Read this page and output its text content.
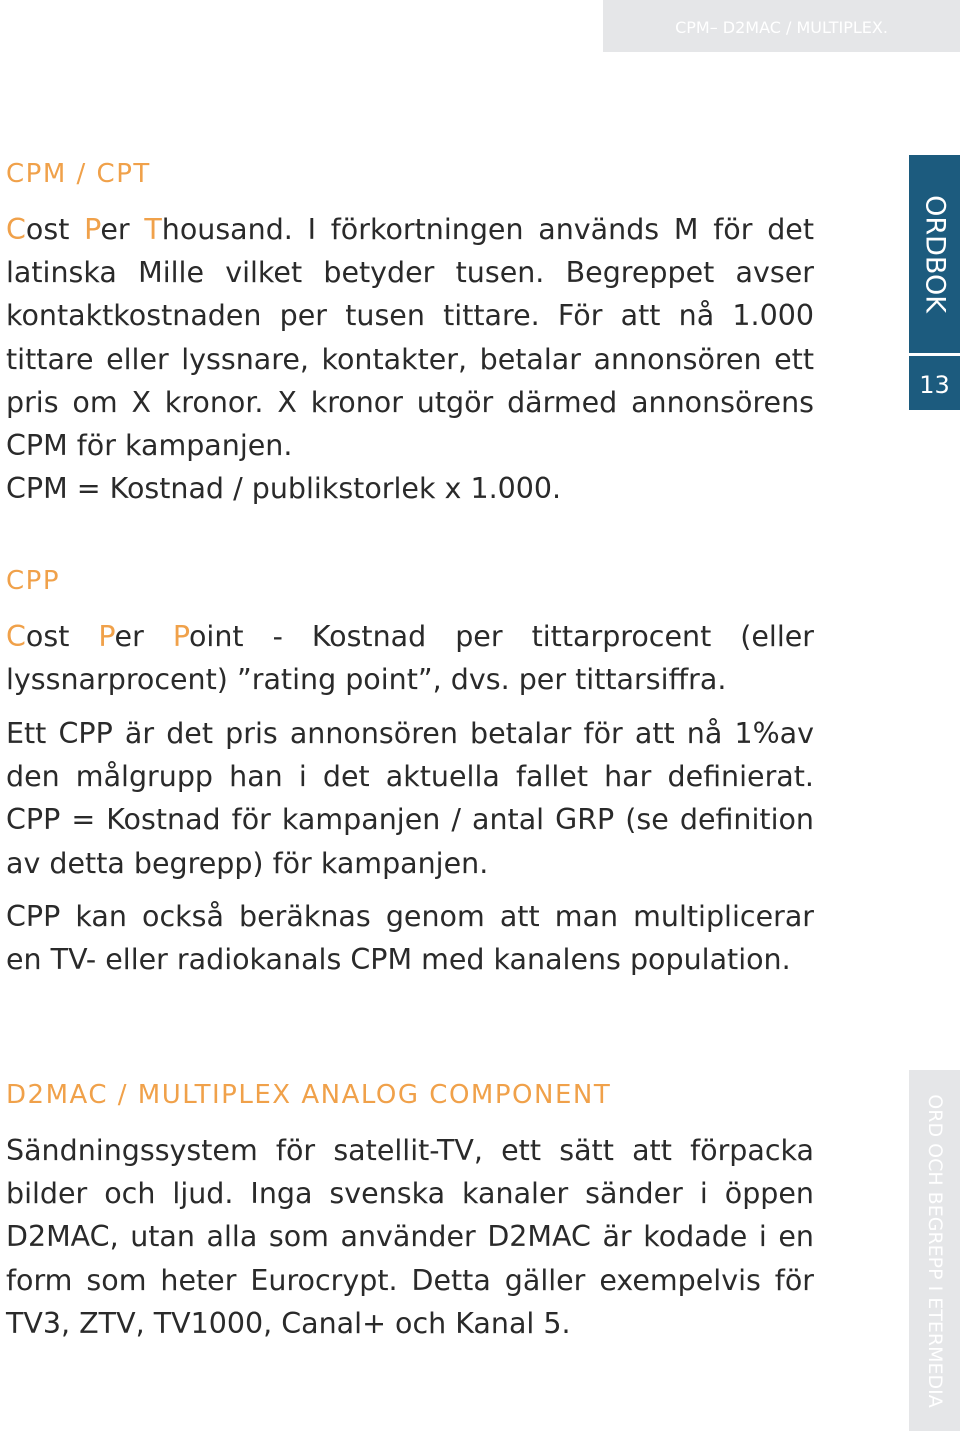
CPM– D2MAC / MULTIPLEX.
CPM / CPT

Cost Per Thousand. I förkortningen används M för det latinska Mille vilket betyder tusen. Begreppet avser kontaktkostnaden per tusen tittare. För att nå 1.000 tittare eller lyssnare, kontakter, betalar annonsören ett pris om X kronor. X kronor utgör därmed annonsörens CPM för kampanjen.
CPM = Kostnad / publikstorlek x 1.000.

CPP

Cost Per Point - Kostnad per tittarprocent (eller lyssnarprocent) ”rating point”, dvs. per tittarsiffra.

Ett CPP är det pris annonsören betalar för att nå 1%av den målgrupp han i det aktuella fallet har definierat. CPP = Kostnad för kampanjen / antal GRP (se definition av detta begrepp) för kampanjen.

CPP kan också beräknas genom att man multiplicerar en TV- eller radiokanals CPM med kanalens population.

D2MAC / MULTIPLEX ANALOG COMPONENT

Sändningssystem för satellit-TV, ett sätt att förpacka bilder och ljud. Inga svenska kanaler sänder i öppen D2MAC, utan alla som använder D2MAC är kodade i en form som heter Eurocrypt. Detta gäller exempelvis för TV3, ZTV, TV1000, Canal+ och Kanal 5.

ORDBOK
13
ORD OCH BEGREPP I ETERMEDIA
